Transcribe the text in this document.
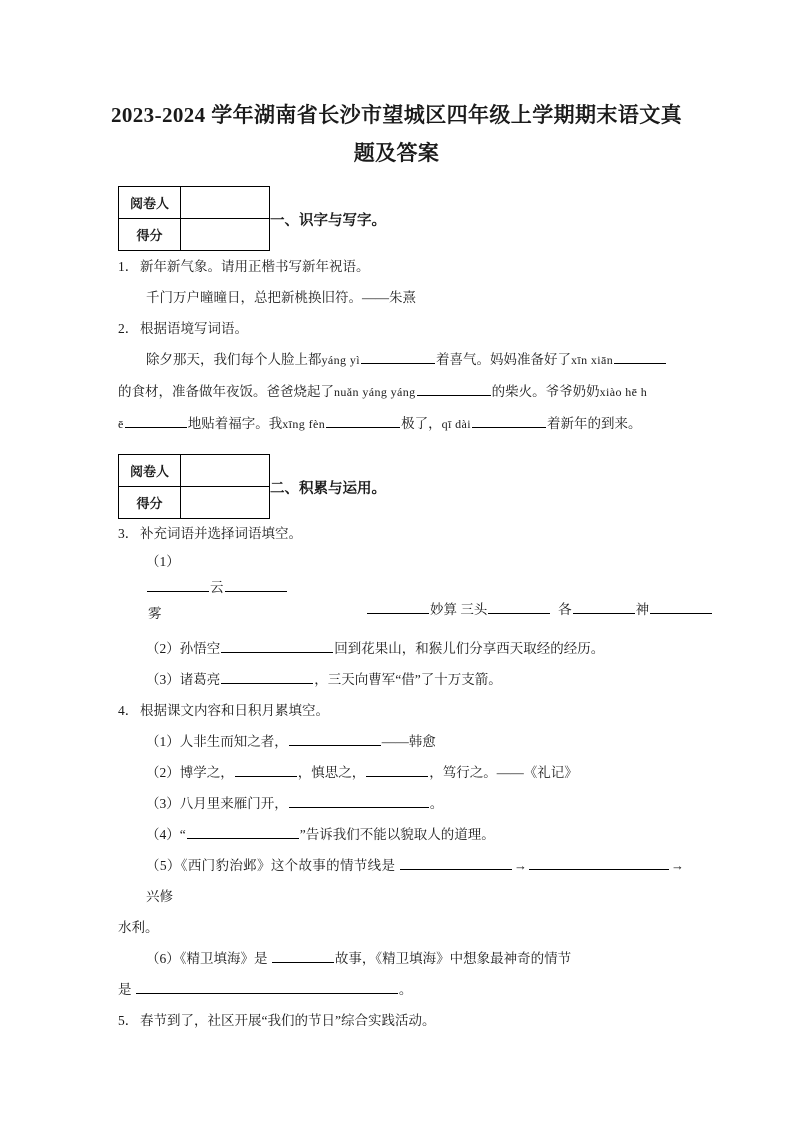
2023-2024 学年湖南省长沙市望城区四年级上学期期末语文真题及答案
阅卷人	
得分	
一、识字与写字。
1． 新年新气象。请用正楷书写新年祝语。
千门万户曈曈日，总把新桃换旧符。——朱熹
2． 根据语境写词语。
除夕那天，我们每个人脸上都yáng yì	着喜气。妈妈准备好了xīn xiān
的食材，准备做年夜饭。爸爸烧起了nuǎn yáng yáng	的柴火。爷爷奶奶xiào hē h
ē	地贴着福字。我xīng fèn	极了，qī dài	着新年的到来。
阅卷人	
得分	
二、积累与运用。
3． 补充词语并选择词语填空。
（1）
云
雾	妙算 三头	各	神
（2）孙悟空	回到花果山，和猴儿们分享西天取经的经历。
（3）诸葛亮	，三天向曹军“借”了十万支箭。
4． 根据课文内容和日积月累填空。
（1）人非生而知之者，	——韩愈
（2）博学之，	，慎思之，	，笃行之。——《礼记》
（3）八月里来雁门开，	。
（4）“	”告诉我们不能以貌取人的道理。
（5）《西门豹治邺》这个故事的情节线是	→	→兴修
水利。
（6）《精卫填海》是	故事，《精卫填海》中想象最神奇的情节
是	。
5． 春节到了，社区开展“我们的节日”综合实践活动。
